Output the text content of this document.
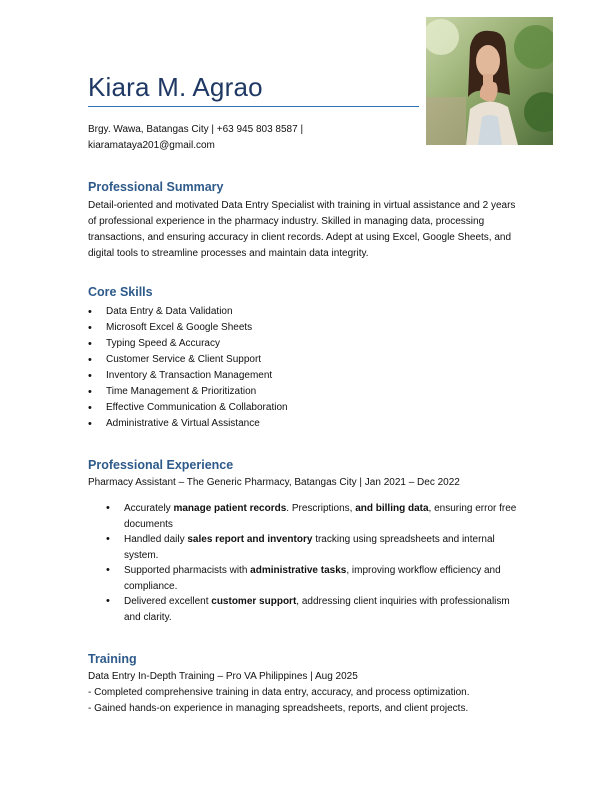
Kiara M. Agrao
Brgy. Wawa, Batangas City | +63 945 803 8587 |
kiaramataya201@gmail.com
Professional Summary

Detail-oriented and motivated Data Entry Specialist with training in virtual assistance and 2 years of professional experience in the pharmacy industry. Skilled in managing data, processing transactions, and ensuring accuracy in client records. Adept at using Excel, Google Sheets, and digital tools to streamline processes and maintain data integrity.

Core Skills
• Data Entry & Data Validation
• Microsoft Excel & Google Sheets
• Typing Speed & Accuracy
• Customer Service & Client Support
• Inventory & Transaction Management
• Time Management & Prioritization
• Effective Communication & Collaboration
• Administrative & Virtual Assistance
Professional Experience
Pharmacy Assistant – The Generic Pharmacy, Batangas City | Jan 2021 – Dec 2022
• Accurately manage patient records. Prescriptions, and billing data, ensuring error free documents
• Handled daily sales report and inventory tracking using spreadsheets and internal system.
• Supported pharmacists with administrative tasks, improving workflow efficiency and compliance.
• Delivered excellent customer support, addressing client inquiries with professionalism and clarity.
Training
Data Entry In-Depth Training – Pro VA Philippines | Aug 2025
- Completed comprehensive training in data entry, accuracy, and process optimization.
- Gained hands-on experience in managing spreadsheets, reports, and client projects.
